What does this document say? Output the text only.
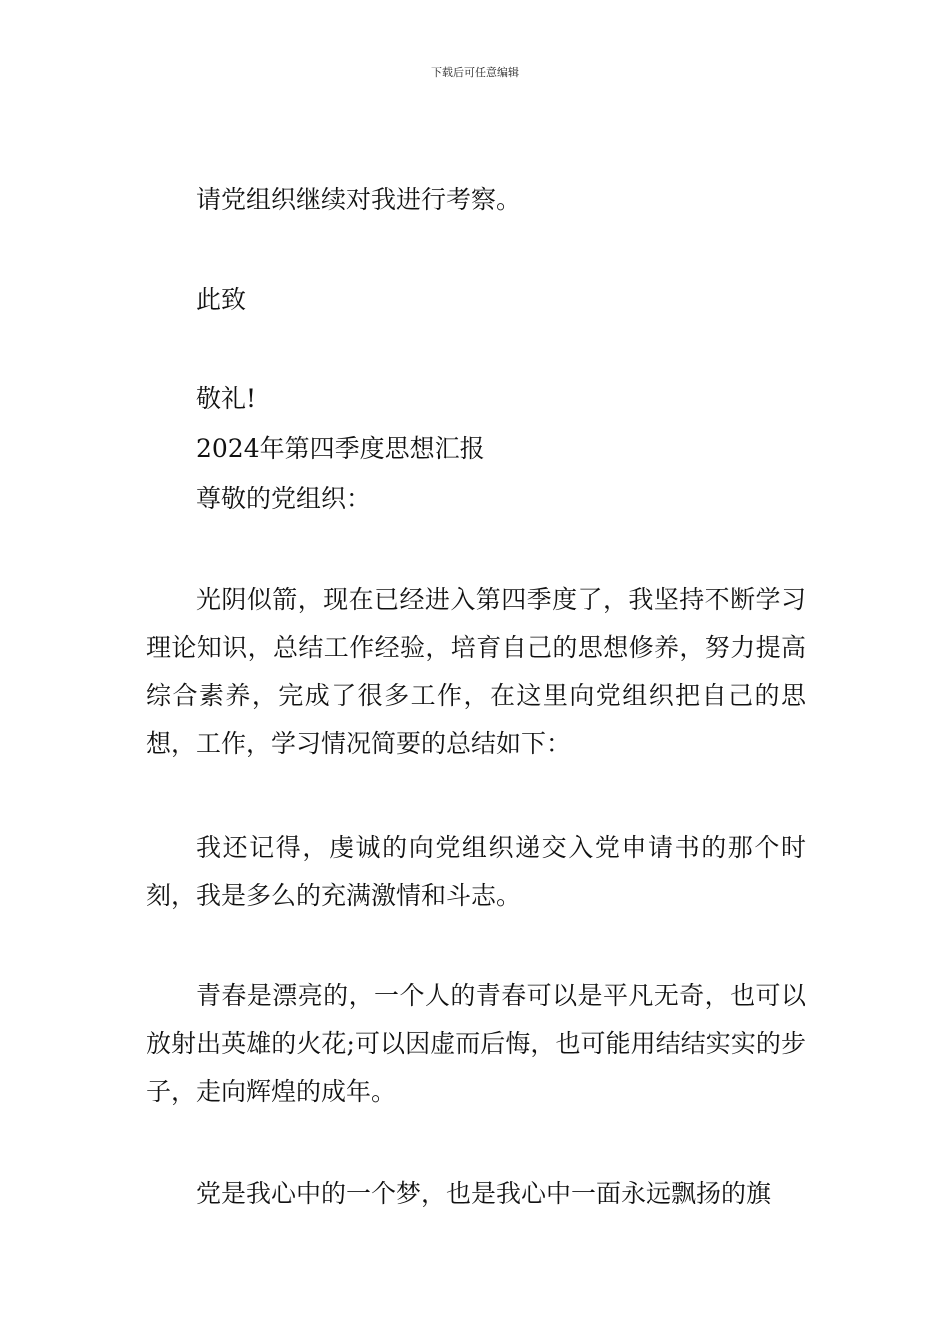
下载后可任意编辑
请党组织继续对我进行考察。
此致
敬礼!
2024年第四季度思想汇报
尊敬的党组织：
光阴似箭，现在已经进入第四季度了，我坚持不断学习理论知识，总结工作经验，培育自己的思想修养，努力提高综合素养，完成了很多工作，在这里向党组织把自己的思想，工作，学习情况简要的总结如下：
我还记得，虔诚的向党组织递交入党申请书的那个时刻，我是多么的充满激情和斗志。
青春是漂亮的，一个人的青春可以是平凡无奇，也可以放射出英雄的火花;可以因虚而后悔，也可能用结结实实的步子，走向辉煌的成年。
党是我心中的一个梦，也是我心中一面永远飘扬的旗
